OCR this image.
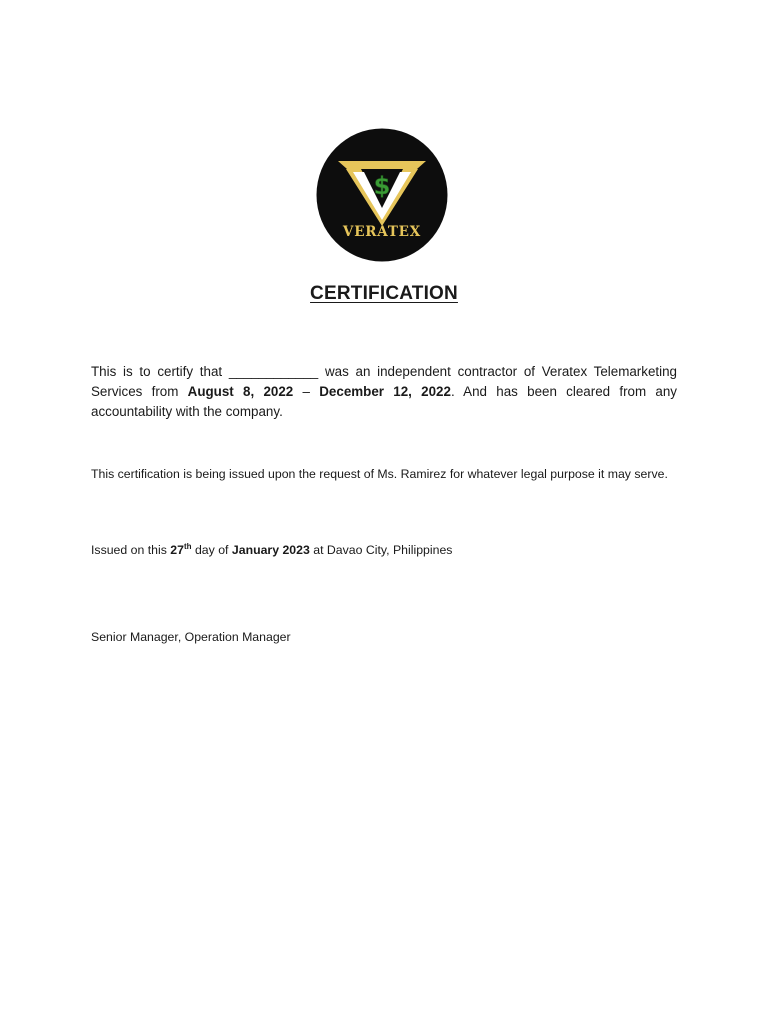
$
VERATEX
CERTIFICATION

This is to certify that ____________ was an independent contractor of Veratex Telemarketing Services from August 8, 2022 – December 12, 2022. And has been cleared from any accountability with the company.

This certification is being issued upon the request of Ms. Ramirez for whatever legal purpose it may serve.

Issued on this 27th day of January 2023 at Davao City, Philippines

Senior Manager, Operation Manager
